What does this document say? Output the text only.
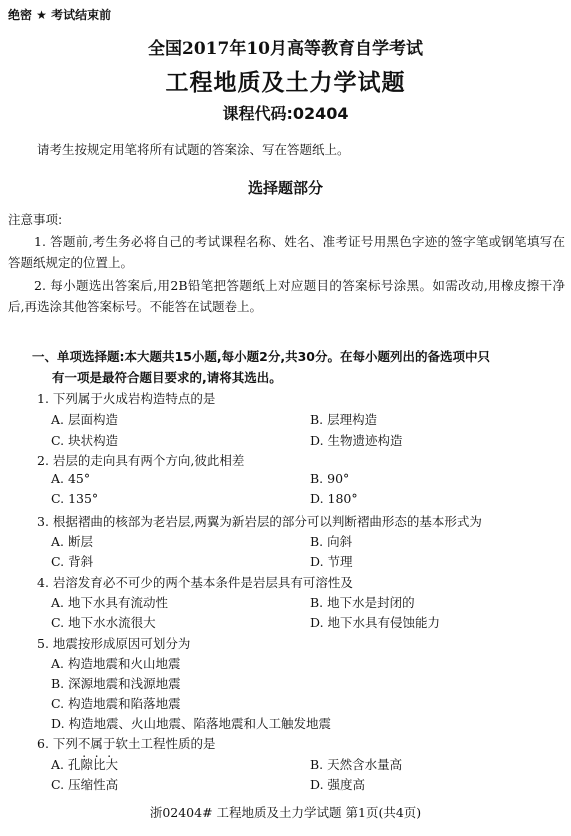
绝密 ★ 考试结束前
全国2017年10月高等教育自学考试
工程地质及土力学试题
课程代码:02404
请考生按规定用笔将所有试题的答案涂、写在答题纸上。
选择题部分
注意事项:
1. 答题前,考生务必将自己的考试课程名称、姓名、准考证号用黑色字迹的签字笔或钢笔填写在答题纸规定的位置上。
2. 每小题选出答案后,用2B铅笔把答题纸上对应题目的答案标号涂黑。如需改动,用橡皮擦干净后,再选涂其他答案标号。不能答在试题卷上。
一、单项选择题:本大题共15小题,每小题2分,共30分。在每小题列出的备选项中只
有一项是最符合题目要求的,请将其选出。
1. 下列属于火成岩构造特点的是
A. 层面构造	B. 层理构造
C. 块状构造	D. 生物遗迹构造
2. 岩层的走向具有两个方向,彼此相差
A. 45°	B. 90°
C. 135°	D. 180°
3. 根据褶曲的核部为老岩层,两翼为新岩层的部分可以判断褶曲形态的基本形式为
A. 断层	B. 向斜
C. 背斜	D. 节理
4. 岩溶发育必不可少的两个基本条件是岩层具有可溶性及
A. 地下水具有流动性	B. 地下水是封闭的
C. 地下水水流很大	D. 地下水具有侵蚀能力
5. 地震按形成原因可划分为
A. 构造地震和火山地震
B. 深源地震和浅源地震
C. 构造地震和陷落地震
D. 构造地震、火山地震、陷落地震和人工触发地震
6. 下列不属于软土工程性质的是
A. 孔隙比大	B. 天然含水量高
C. 压缩性高	D. 强度高
浙02404# 工程地质及土力学试题 第1页(共4页)
